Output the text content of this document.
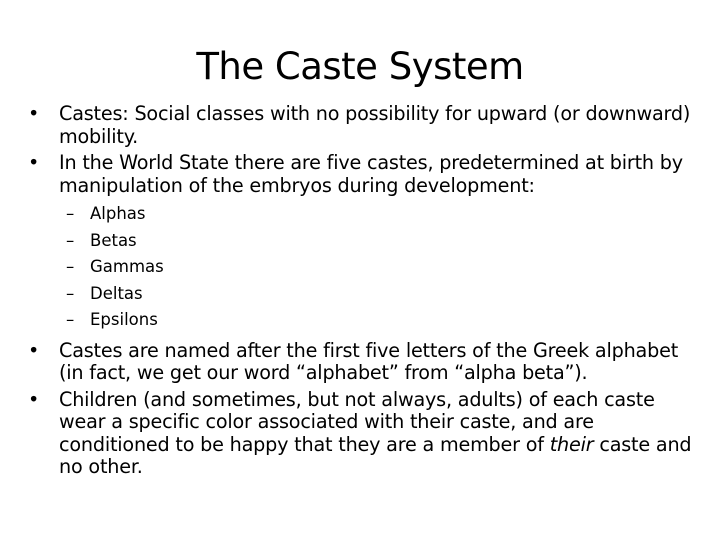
The Caste System
• Castes: Social classes with no possibility for upward (or downward) mobility.
• In the World State there are five castes, predetermined at birth by manipulation of the embryos during development:
– Alphas
– Betas
– Gammas
– Deltas
– Epsilons
• Castes are named after the first five letters of the Greek alphabet (in fact, we get our word “alphabet” from “alpha beta”).
• Children (and sometimes, but not always, adults) of each caste wear a specific color associated with their caste, and are conditioned to be happy that they are a member of their caste and no other.
